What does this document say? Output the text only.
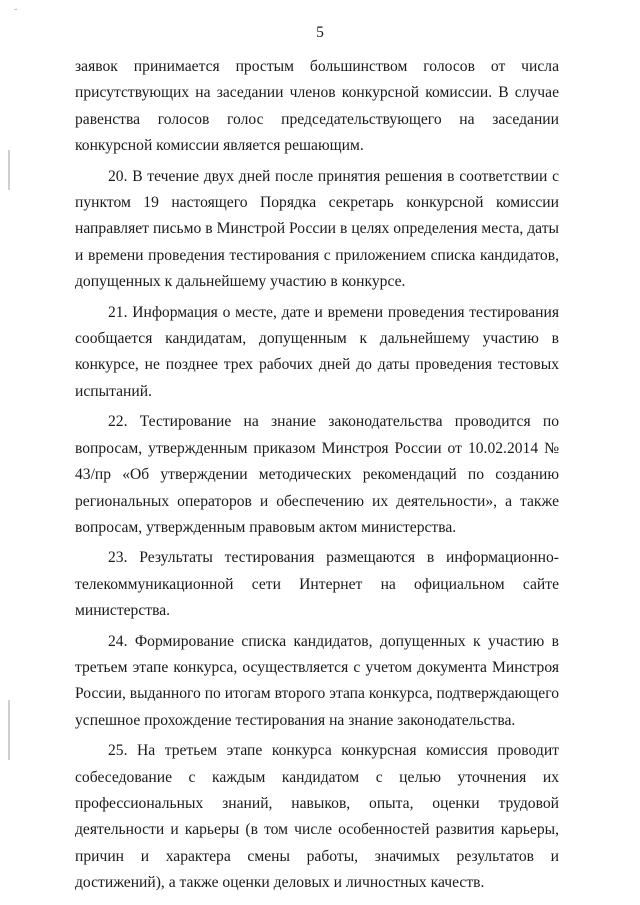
˘
5

заявок принимается простым большинством голосов от числа присутствующих на заседании членов конкурсной комиссии. В случае равенства голосов голос председательствующего на заседании конкурсной комиссии является решающим.

20. В течение двух дней после принятия решения в соответствии с пунктом 19 настоящего Порядка секретарь конкурсной комиссии направляет письмо в Минстрой России в целях определения места, даты и времени проведения тестирования с приложением списка кандидатов, допущенных к дальнейшему участию в конкурсе.

21. Информация о месте, дате и времени проведения тестирования сообщается кандидатам, допущенным к дальнейшему участию в конкурсе, не позднее трех рабочих дней до даты проведения тестовых испытаний.

22. Тестирование на знание законодательства проводится по вопросам, утвержденным приказом Минстроя России от 10.02.2014 № 43/пр «Об утверждении методических рекомендаций по созданию региональных операторов и обеспечению их деятельности», а также вопросам, утвержденным правовым актом министерства.

23. Результаты тестирования размещаются в информационно-телекоммуникационной сети Интернет на официальном сайте министерства.

24. Формирование списка кандидатов, допущенных к участию в третьем этапе конкурса, осуществляется с учетом документа Минстроя России, выданного по итогам второго этапа конкурса, подтверждающего успешное прохождение тестирования на знание законодательства.

25. На третьем этапе конкурса конкурсная комиссия проводит собеседование с каждым кандидатом с целью уточнения их профессиональных знаний, навыков, опыта, оценки трудовой деятельности и карьеры (в том числе особенностей развития карьеры, причин и характера смены работы, значимых результатов и достижений), а также оценки деловых и личностных качеств.
